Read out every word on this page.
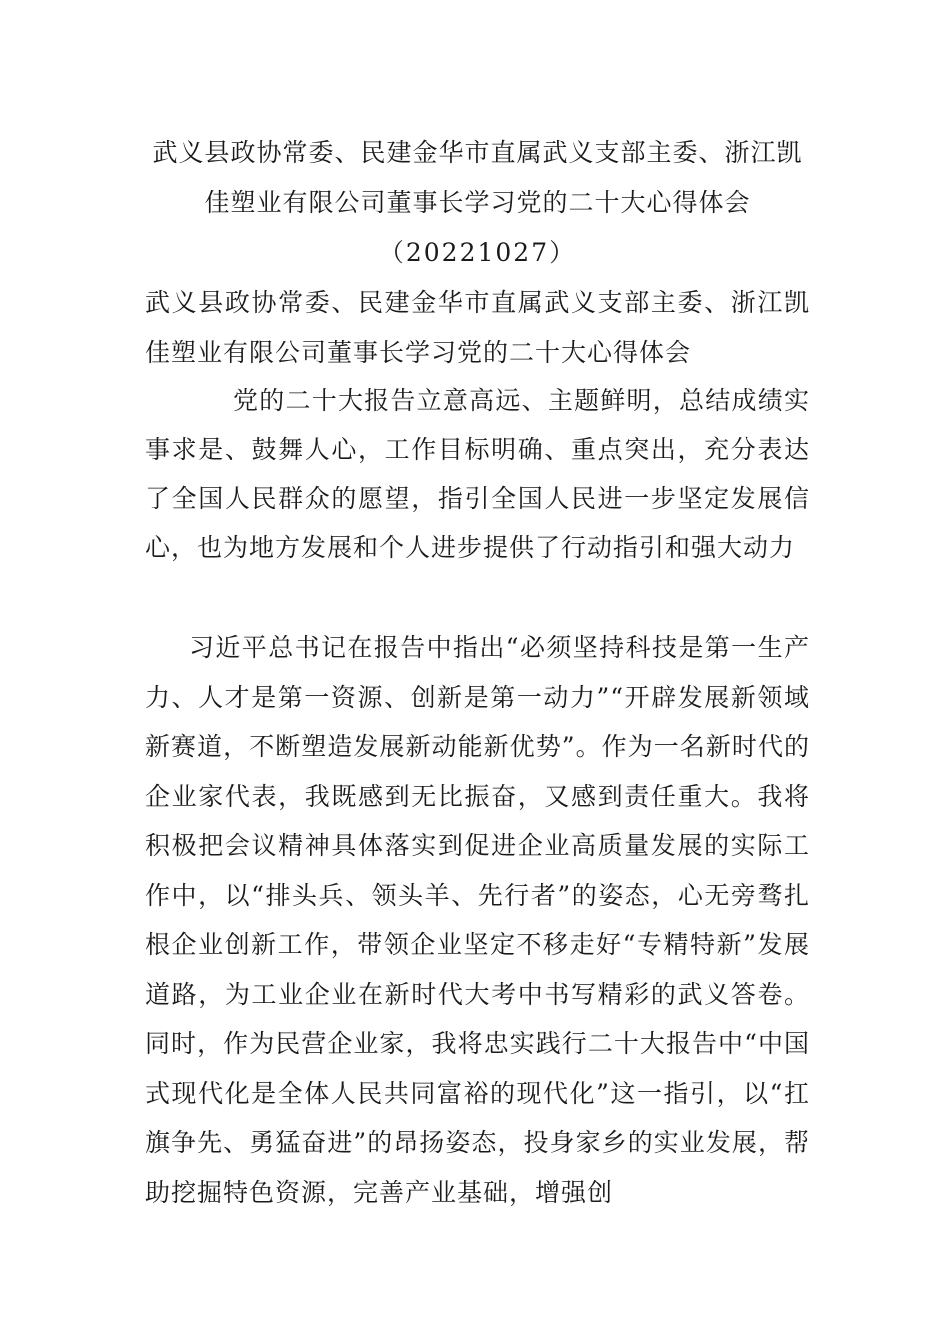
武义县政协常委、民建金华市直属武义支部主委、浙江凯
佳塑业有限公司董事长学习党的二十大心得体会
（20221027）
武义县政协常委、民建金华市直属武义支部主委、浙江凯佳塑业有限公司董事长学习党的二十大心得体会
党的二十大报告立意高远、主题鲜明，总结成绩实事求是、鼓舞人心，工作目标明确、重点突出，充分表达了全国人民群众的愿望，指引全国人民进一步坚定发展信心，也为地方发展和个人进步提供了行动指引和强大动力
习近平总书记在报告中指出“必须坚持科技是第一生产力、人才是第一资源、创新是第一动力”“开辟发展新领域新赛道，不断塑造发展新动能新优势”。作为一名新时代的企业家代表，我既感到无比振奋，又感到责任重大。我将积极把会议精神具体落实到促进企业高质量发展的实际工作中，以“排头兵、领头羊、先行者”的姿态，心无旁骛扎根企业创新工作，带领企业坚定不移走好“专精特新”发展道路，为工业企业在新时代大考中书写精彩的武义答卷。同时，作为民营企业家，我将忠实践行二十大报告中“中国式现代化是全体人民共同富裕的现代化”这一指引，以“扛旗争先、勇猛奋进”的昂扬姿态，投身家乡的实业发展，帮助挖掘特色资源，完善产业基础，增强创
